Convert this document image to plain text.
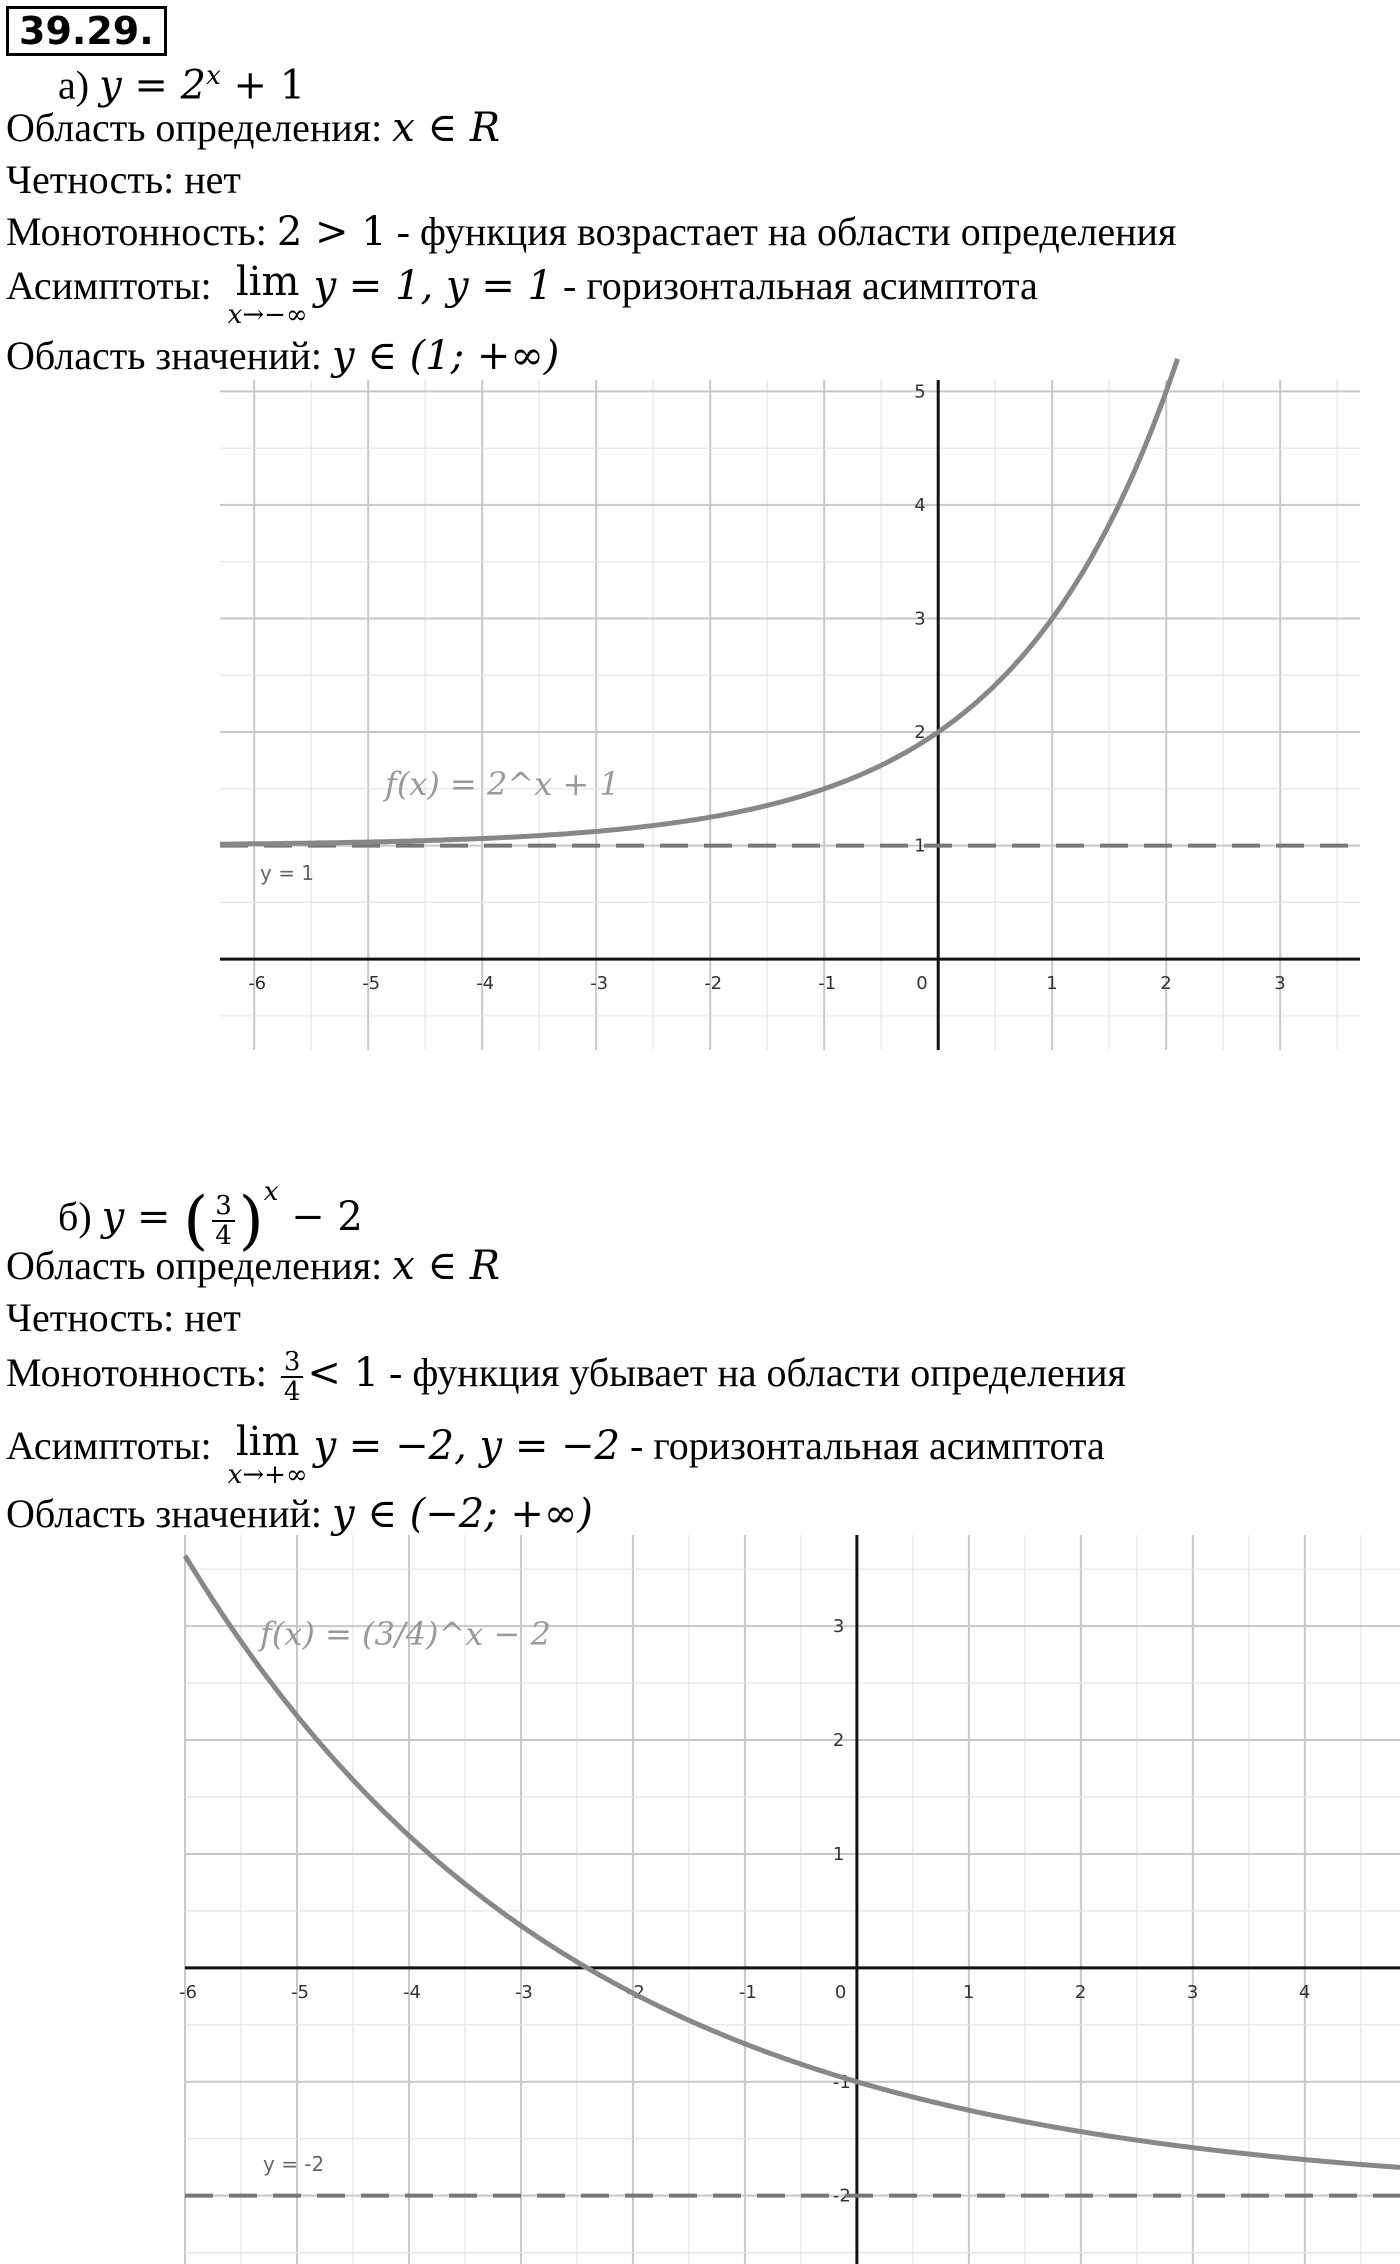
39.29.
а) $y = 2^x + 1$
Область определения: x ∈ R
Четность: нет
Монотонность: 2 > 1 - функция возрастает на области определения
Асимптоты: lim
x→−∞
y = 1, y = 1 - горизонтальная асимптота
Область значений: y ∈ (1; +∞)
-6	-5	-4	-3	-2	-1	0	1	2	3
1
2
3
4
5
f(x) = 2^x + 1
y = 1
б) y = ( $\frac{3}{4} )^x - 2$
Область определения: x ∈ R
Четность: нет
Монотонность: $\frac{3}{4} < 1$ - функция убывает на области определения
Асимптоты: lim
x→+∞
y = −2, y = −2 - горизонтальная асимптота
Область значений: y ∈ (−2; +∞)
-6	-5	-4	-3	-2	-1	0	1	2	3	4
3
2
1
-1
-2
f(x) = (3/4)^x − 2
y = -2
